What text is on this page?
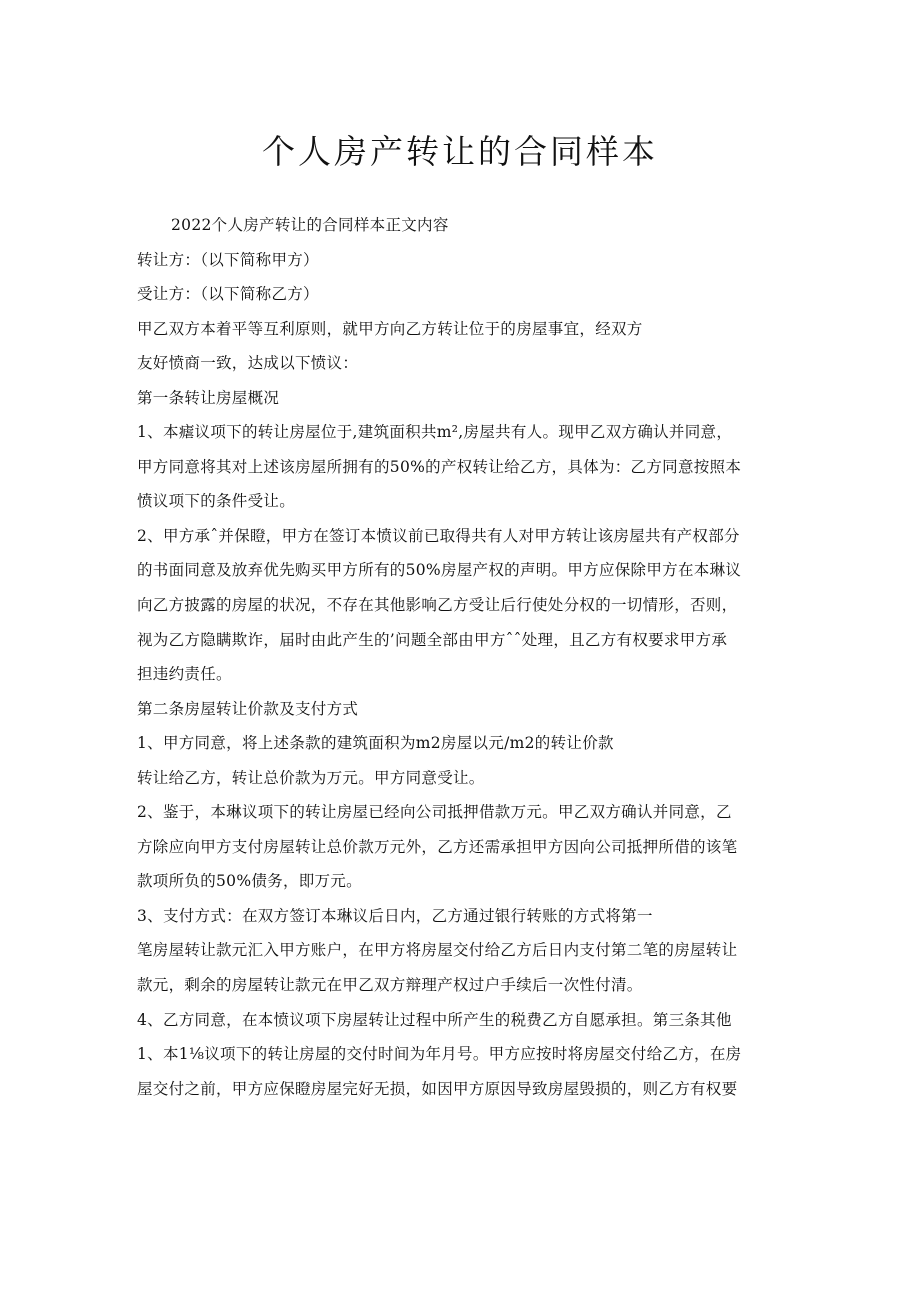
个人房产转让的合同样本

2022个人房产转让的合同样本正文内容

转让方：（以下简称甲方）

受让方：（以下简称乙方）

甲乙双方本着平等互利原则，就甲方向乙方转让位于的房屋事宜，经双方

友好愤商一致，达成以下愤议：

第一条转让房屋概况

1、本瘧议项下的转让房屋位于,建筑面积共m²,房屋共有人。现甲乙双方确认并同意，

甲方同意将其对上述该房屋所拥有的50%的产权转让给乙方，具体为：乙方同意按照本

愤议项下的条件受让。

2、甲方承ˆ并保瞪，甲方在签订本愤议前已取得共有人对甲方转让该房屋共有产权部分

的书面同意及放弃优先购买甲方所有的50%房屋产权的声明。甲方应保除甲方在本琳议

向乙方披露的房屋的状况，不存在其他影响乙方受让后行使处分权的一切情形，否则，

视为乙方隐瞒欺诈，届时由此产生的’问题全部由甲方ˆˆ处理，且乙方有权要求甲方承

担违约责任。

第二条房屋转让价款及支付方式

1、甲方同意，将上述条款的建筑面积为m2房屋以元/m2的转让价款

转让给乙方，转让总价款为万元。甲方同意受让。

2、鉴于，本琳议项下的转让房屋已经向公司抵押借款万元。甲乙双方确认并同意，乙

方除应向甲方支付房屋转让总价款万元外，乙方还需承担甲方因向公司抵押所借的该笔

款项所负的50%债务，即万元。

3、支付方式：在双方签订本琳议后日内，乙方通过银行转账的方式将第一

笔房屋转让款元汇入甲方账户，在甲方将房屋交付给乙方后日内支付第二笔的房屋转让

款元，剩余的房屋转让款元在甲乙双方辩理产权过户手续后一次性付清。

4、乙方同意，在本愤议项下房屋转让过程中所产生的税费乙方自愿承担。第三条其他

1、本1⅛议项下的转让房屋的交付时间为年月号。甲方应按时将房屋交付给乙方，在房

屋交付之前，甲方应保瞪房屋完好无损，如因甲方原因导致房屋毁损的，则乙方有权要
